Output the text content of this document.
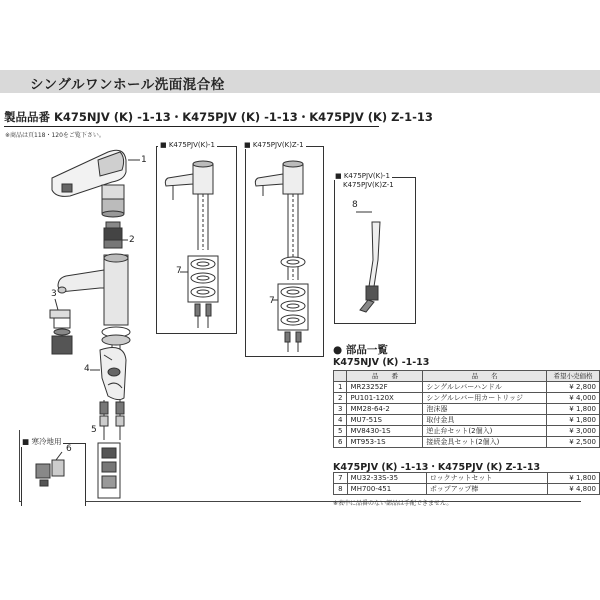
シングルワンホール洗面混合栓
製品品番 K475NJV (K) -1-13・K475PJV (K) -1-13・K475PJV (K) Z-1-13
※商品は頁118・120をご覧下さい。
■ K475PJV(K)-1	■ K475PJV(K)Z-1
■ K475PJV(K)-1
K475PJV(K)Z-1
■ 寒冷地用
1
2
3
4
5
6
7
7
8
● 部品一覧
K475NJV (K) -1-13
	品　　番	品　　名	希望小売価格
1	MR23252F	シングルレバーハンドル	¥ 2,800
2	PU101-120X	シングルレバー用カートリッジ	¥ 4,000
3	MM28-64-2	泡沫器	¥ 1,800
4	MU7-51S	取付金具	¥ 1,800
5	MV8430-1S	逆止弁セット(2個入)	¥ 3,000
6	MT953-1S	接続金具セット(2個入)	¥ 2,500
K475PJV (K) -1-13・K475PJV (K) Z-1-13
7	MU32-33S-35	ロックナットセット	¥ 1,800
8	MH700-451	ポップアップ棒	¥ 4,800
※表中に品番のない部品は手配できません。
